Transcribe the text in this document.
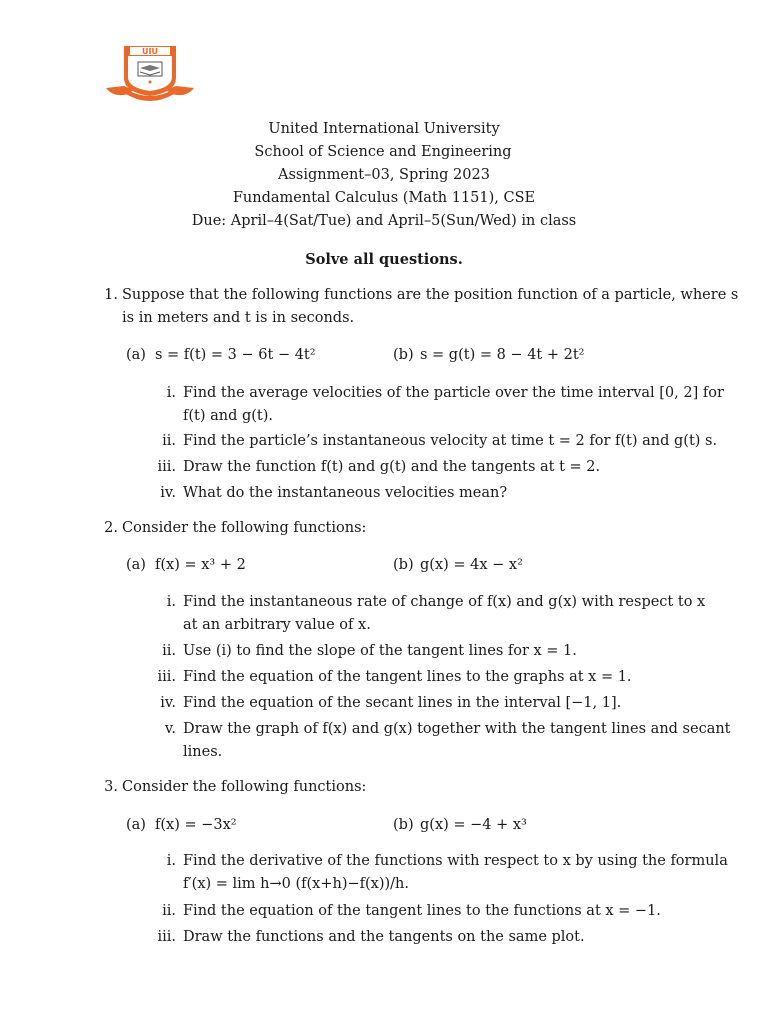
UIU
United International University
School of Science and Engineering
Assignment–03, Spring 2023
Fundamental Calculus (Math 1151), CSE
Due: April–4(Sat/Tue) and April–5(Sun/Wed) in class
Solve all questions.
1. Suppose that the following functions are the position function of a particle, where s
is in meters and t is in seconds.
(a) s = f(t) = 3 − 6t − 4t²	(b) s = g(t) = 8 − 4t + 2t²
i. Find the average velocities of the particle over the time interval [0, 2] for
f(t) and g(t).
ii. Find the particle’s instantaneous velocity at time t = 2 for f(t) and g(t) s.
iii. Draw the function f(t) and g(t) and the tangents at t = 2.
iv. What do the instantaneous velocities mean?
2. Consider the following functions:
(a) f(x) = x³ + 2	(b) g(x) = 4x − x²
i. Find the instantaneous rate of change of f(x) and g(x) with respect to x
at an arbitrary value of x.
ii. Use (i) to find the slope of the tangent lines for x = 1.
iii. Find the equation of the tangent lines to the graphs at x = 1.
iv. Find the equation of the secant lines in the interval [−1, 1].
v. Draw the graph of f(x) and g(x) together with the tangent lines and secant
lines.
3. Consider the following functions:
(a) f(x) = −3x²	(b) g(x) = −4 + x³
i. Find the derivative of the functions with respect to x by using the formula
f′(x) = lim h→0 (f(x+h)−f(x))/h.
ii. Find the equation of the tangent lines to the functions at x = −1.
iii. Draw the functions and the tangents on the same plot.
